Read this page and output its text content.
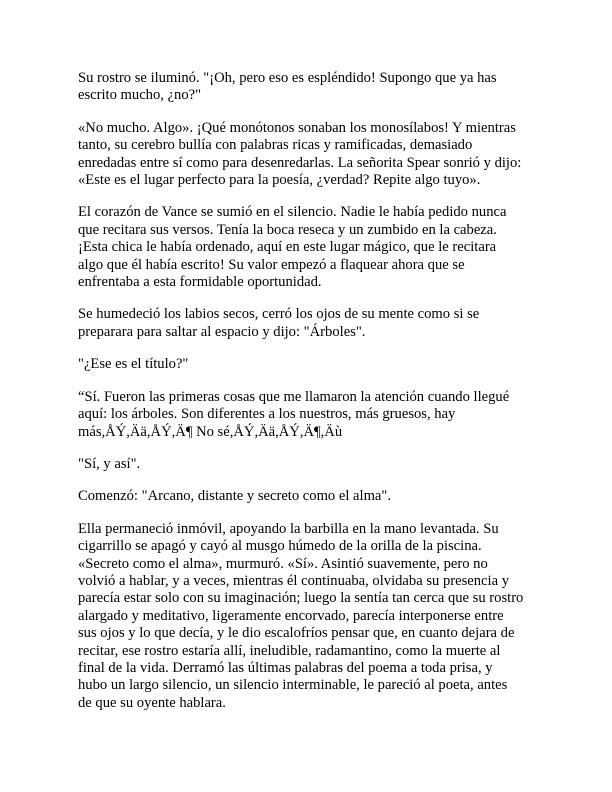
Su rostro se iluminó. "¡Oh, pero eso es espléndido! Supongo que ya has
escrito mucho, ¿no?"

«No mucho. Algo». ¡Qué monótonos sonaban los monosílabos! Y mientras
tanto, su cerebro bullía con palabras ricas y ramificadas, demasiado
enredadas entre sí como para desenredarlas. La señorita Spear sonrió y dijo:
«Este es el lugar perfecto para la poesía, ¿verdad? Repite algo tuyo».

El corazón de Vance se sumió en el silencio. Nadie le había pedido nunca
que recitara sus versos. Tenía la boca reseca y un zumbido en la cabeza.
¡Esta chica le había ordenado, aquí en este lugar mágico, que le recitara
algo que él había escrito! Su valor empezó a flaquear ahora que se
enfrentaba a esta formidable oportunidad.

Se humedeció los labios secos, cerró los ojos de su mente como si se
preparara para saltar al espacio y dijo: "Árboles".

"¿Ese es el título?"

“Sí. Fueron las primeras cosas que me llamaron la atención cuando llegué
aquí: los árboles. Son diferentes a los nuestros, más gruesos, hay
más,ÅÝ,Ää,ÅÝ,Ä¶ No sé,ÅÝ,Ää,ÅÝ,Ä¶,Äù

"Sí, y así".

Comenzó: "Arcano, distante y secreto como el alma".

Ella permaneció inmóvil, apoyando la barbilla en la mano levantada. Su
cigarrillo se apagó y cayó al musgo húmedo de la orilla de la piscina.
«Secreto como el alma», murmuró. «Sí». Asintió suavemente, pero no
volvió a hablar, y a veces, mientras él continuaba, olvidaba su presencia y
parecía estar solo con su imaginación; luego la sentía tan cerca que su rostro
alargado y meditativo, ligeramente encorvado, parecía interponerse entre
sus ojos y lo que decía, y le dio escalofríos pensar que, en cuanto dejara de
recitar, ese rostro estaría allí, ineludible, radamantino, como la muerte al
final de la vida. Derramó las últimas palabras del poema a toda prisa, y
hubo un largo silencio, un silencio interminable, le pareció al poeta, antes
de que su oyente hablara.
